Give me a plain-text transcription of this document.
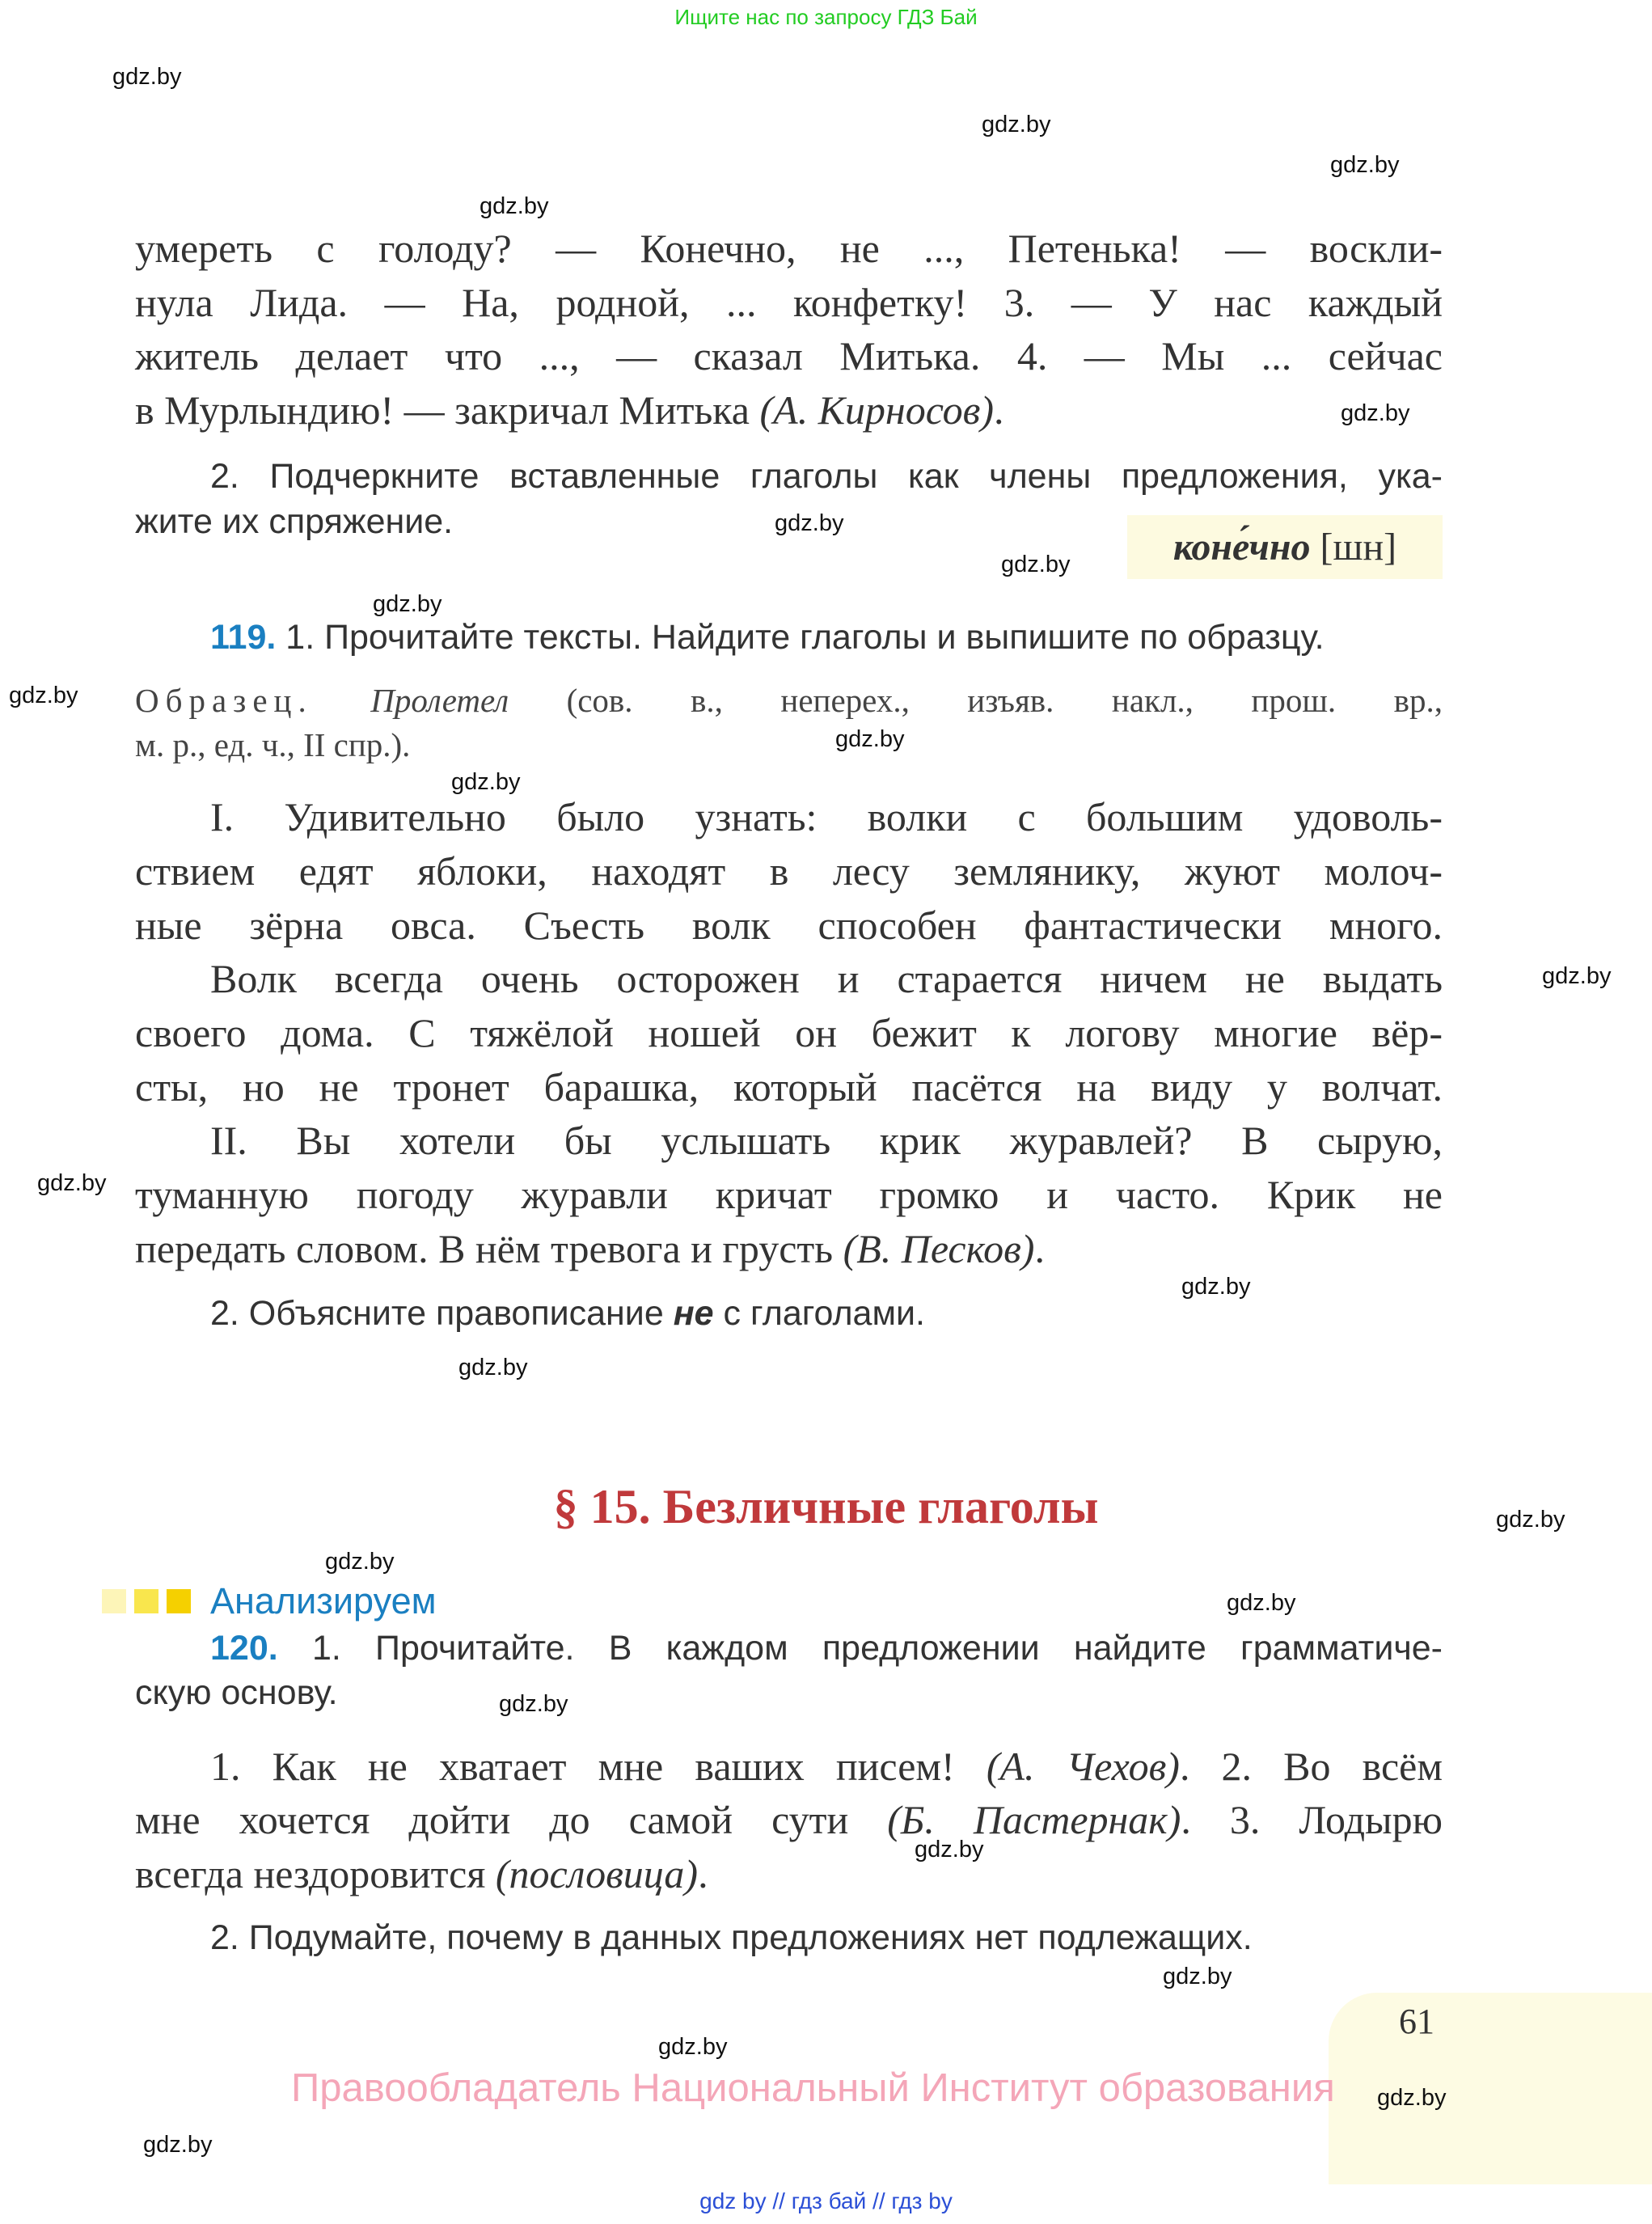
Ищите нас по запросу ГДЗ Бай
gdz.by
gdz.by
gdz.by
gdz.by
gdz.by
gdz.by
gdz.by
gdz.by
gdz.by
gdz.by
gdz.by
gdz.by
gdz.by
gdz.by
gdz.by
gdz.by
gdz.by
gdz.by
gdz.by
gdz.by
gdz.by
gdz.by
gdz.by
gdz.by
умереть с голоду? — Конечно, не ..., Петенька! — воскли-
нула Лида. — На, родной, ... конфетку! 3. — У нас каждый
житель делает что ..., — сказал Митька. 4. — Мы ... сейчас
в Мурлындию! — закричал Митька (А. Кирносов).
2. Подчеркните вставленные глаголы как члены предложения, ука-
жите их спряжение.
коне́чно [шн]
119. 1. Прочитайте тексты. Найдите глаголы и выпишите по образцу.
Образец. Пролетел (сов. в., неперех., изъяв. накл., прош. вр.,
м. р., ед. ч., II спр.).
I. Удивительно было узнать: волки с большим удоволь-
ствием едят яблоки, находят в лесу землянику, жуют молоч-
ные зёрна овса. Съесть волк способен фантастически много.
Волк всегда очень осторожен и старается ничем не выдать
своего дома. С тяжёлой ношей он бежит к логову многие вёр-
сты, но не тронет барашка, который пасётся на виду у волчат.
II. Вы хотели бы услышать крик журавлей? В сырую,
туманную погоду журавли кричат громко и часто. Крик не
передать словом. В нём тревога и грусть (В. Песков).
2. Объясните правописание не с глаголами.
§ 15. Безличные глаголы
Анализируем
120. 1. Прочитайте. В каждом предложении найдите грамматиче-
скую основу.
1. Как не хватает мне ваших писем! (А. Чехов). 2. Во всём
мне хочется дойти до самой сути (Б. Пастернак). 3. Лодырю
всегда нездоровится (пословица).
2. Подумайте, почему в данных предложениях нет подлежащих.
61
Правообладатель Национальный Институт образования
gdz by // гдз бай // гдз by
